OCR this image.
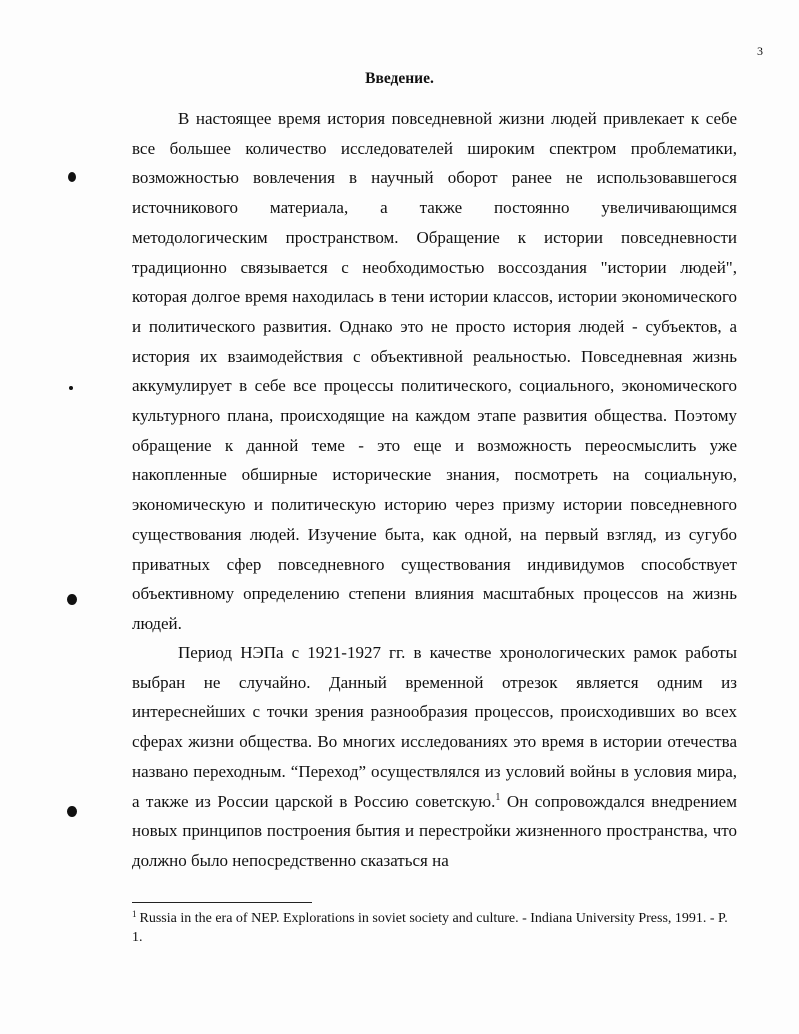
3
Введение.

В настоящее время история повседневной жизни людей привлекает к себе все большее количество исследователей широким спектром проблематики, возможностью вовлечения в научный оборот ранее не использовавшегося источникового материала, а также постоянно увеличивающимся методологическим пространством. Обращение к истории повседневности традиционно связывается с необходимостью воссоздания "истории людей", которая долгое время находилась в тени истории классов, истории экономического и политического развития. Однако это не просто история людей - субъектов, а история их взаимодействия с объективной реальностью. Повседневная жизнь аккумулирует в себе все процессы политического, социального, экономического культурного плана, происходящие на каждом этапе развития общества. Поэтому обращение к данной теме - это еще и возможность переосмыслить уже накопленные обширные исторические знания, посмотреть на социальную, экономическую и политическую историю через призму истории повседневного существования людей. Изучение быта, как одной, на первый взгляд, из сугубо приватных сфер повседневного существования индивидумов способствует объективному определению степени влияния масштабных процессов на жизнь людей.

Период НЭПа с 1921-1927 гг. в качестве хронологических рамок работы выбран не случайно. Данный временной отрезок является одним из интереснейших с точки зрения разнообразия процессов, происходивших во всех сферах жизни общества. Во многих исследованиях это время в истории отечества названо переходным. “Переход” осуществлялся из условий войны в условия мира, а также из России царской в Россию советскую.$^1$ Он сопровождался внедрением новых принципов построения бытия и перестройки жизненного пространства, что должно было непосредственно сказаться на

$^1$ Russia in the era of NEP. Explorations in soviet society and culture. - Indiana University Press, 1991. - P. 1.
